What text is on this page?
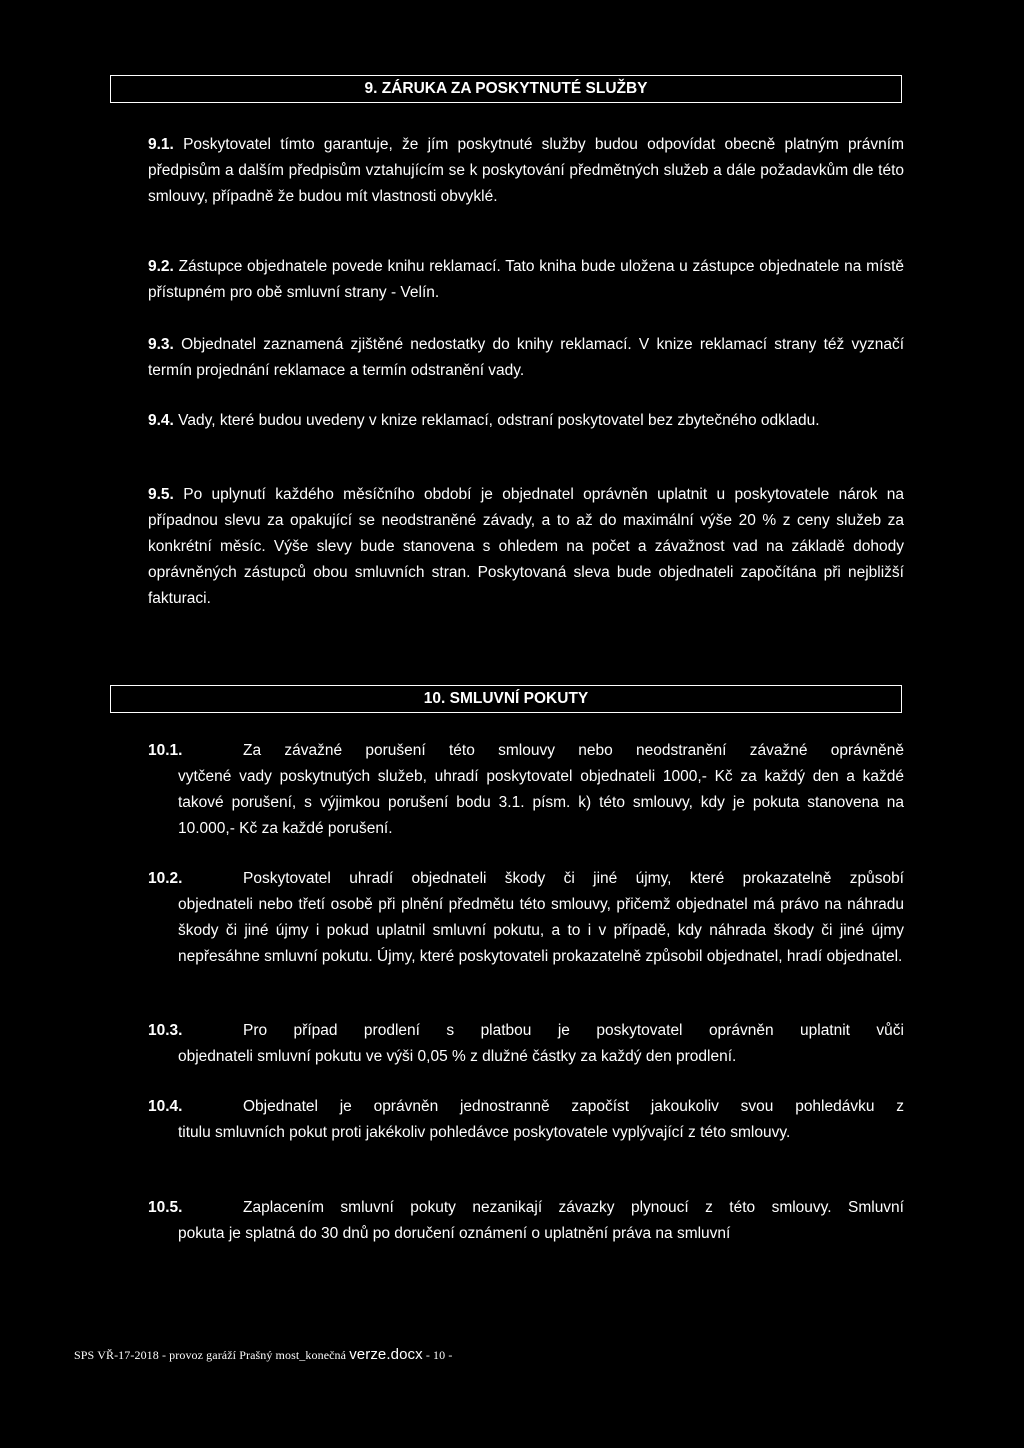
9. ZÁRUKA ZA POSKYTNUTÉ SLUŽBY

9.1. Poskytovatel tímto garantuje, že jím poskytnuté služby budou odpovídat obecně platným právním předpisům a dalším předpisům vztahujícím se k poskytování předmětných služeb a dále požadavkům dle této smlouvy, případně že budou mít vlastnosti obvyklé.

9.2. Zástupce objednatele povede knihu reklamací. Tato kniha bude uložena u zástupce objednatele na místě přístupném pro obě smluvní strany - Velín.

9.3. Objednatel zaznamená zjištěné nedostatky do knihy reklamací. V knize reklamací strany též vyznačí termín projednání reklamace a termín odstranění vady.

9.4. Vady, které budou uvedeny v knize reklamací, odstraní poskytovatel bez zbytečného odkladu.

9.5. Po uplynutí každého měsíčního období je objednatel oprávněn uplatnit u poskytovatele nárok na případnou slevu za opakující se neodstraněné závady, a to až do maximální výše 20 % z ceny služeb za konkrétní měsíc. Výše slevy bude stanovena s ohledem na počet a závažnost vad na základě dohody oprávněných zástupců obou smluvních stran. Poskytovaná sleva bude objednateli započítána při nejbližší fakturaci.

10. SMLUVNÍ POKUTY
10.1.	Za závažné porušení této smlouvy nebo neodstranění závažné oprávněně
vytčené vady poskytnutých služeb, uhradí poskytovatel objednateli 1000,- Kč za každý den a každé takové porušení, s výjimkou porušení bodu 3.1. písm. k) této smlouvy, kdy je pokuta stanovena na 10.000,- Kč za každé porušení.
10.2.	Poskytovatel uhradí objednateli škody či jiné újmy, které prokazatelně způsobí
objednateli nebo třetí osobě při plnění předmětu této smlouvy, přičemž objednatel má právo na náhradu škody či jiné újmy i pokud uplatnil smluvní pokutu, a to i v případě, kdy náhrada škody či jiné újmy nepřesáhne smluvní pokutu. Újmy, které poskytovateli prokazatelně způsobil objednatel, hradí objednatel.
10.3.	Pro případ prodlení s platbou je poskytovatel oprávněn uplatnit vůči
objednateli smluvní pokutu ve výši 0,05 % z dlužné částky za každý den prodlení.
10.4.	Objednatel je oprávněn jednostranně započíst jakoukoliv svou pohledávku z
titulu smluvních pokut proti jakékoliv pohledávce poskytovatele vyplývající z této smlouvy.
10.5.	Zaplacením smluvní pokuty nezanikají závazky plynoucí z této smlouvy. Smluvní
pokuta je splatná do 30 dnů po doručení oznámení o uplatnění práva na smluvní
SPS VŘ-17-2018 - provoz garáží Prašný most_konečná verze.docx - 10 -
